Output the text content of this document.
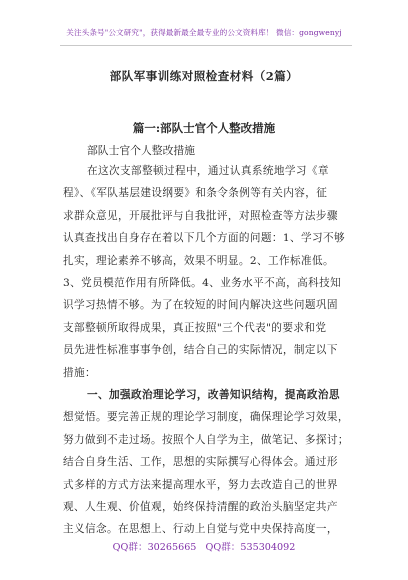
关注头条号"公文研究"，获得最新最全最专业的公文资料库！ 微信：gongwenyj
部队军事训练对照检查材料（2篇）
篇一:部队士官个人整改措施
部队士官个人整改措施
在这次支部整顿过程中，通过认真系统地学习《章
程》、《军队基层建设纲要》和条令条例等有关内容，征
求群众意见，开展批评与自我批评，对照检查等方法步骤
认真查找出自身存在着以下几个方面的问题：1、学习不够
扎实，理论素养不够高，效果不明显。2、工作标准低。
3、党员模范作用有所降低。4、业务水平不高，高科技知
识学习热情不够。为了在较短的时间内解决这些问题巩固
支部整顿所取得成果，真正按照"三个代表"的要求和党
员先进性标准事事争创，结合自己的实际情况，制定以下
措施：
一、加强政治理论学习，改善知识结构，提高政治思
想觉悟。要完善正规的理论学习制度，确保理论学习效果，
努力做到不走过场。按照个人自学为主，做笔记、多探讨；
结合自身生活、工作，思想的实际撰写心得体会。通过形
式多样的方式方法来提高理水平，努力去改造自己的世界
观、人生观、价值观，始终保持清醒的政治头脑坚定共产
QQ群：30265665 QQ群：535304092
主义信念。在思想上、行动上自觉与党中央保持高度一，
